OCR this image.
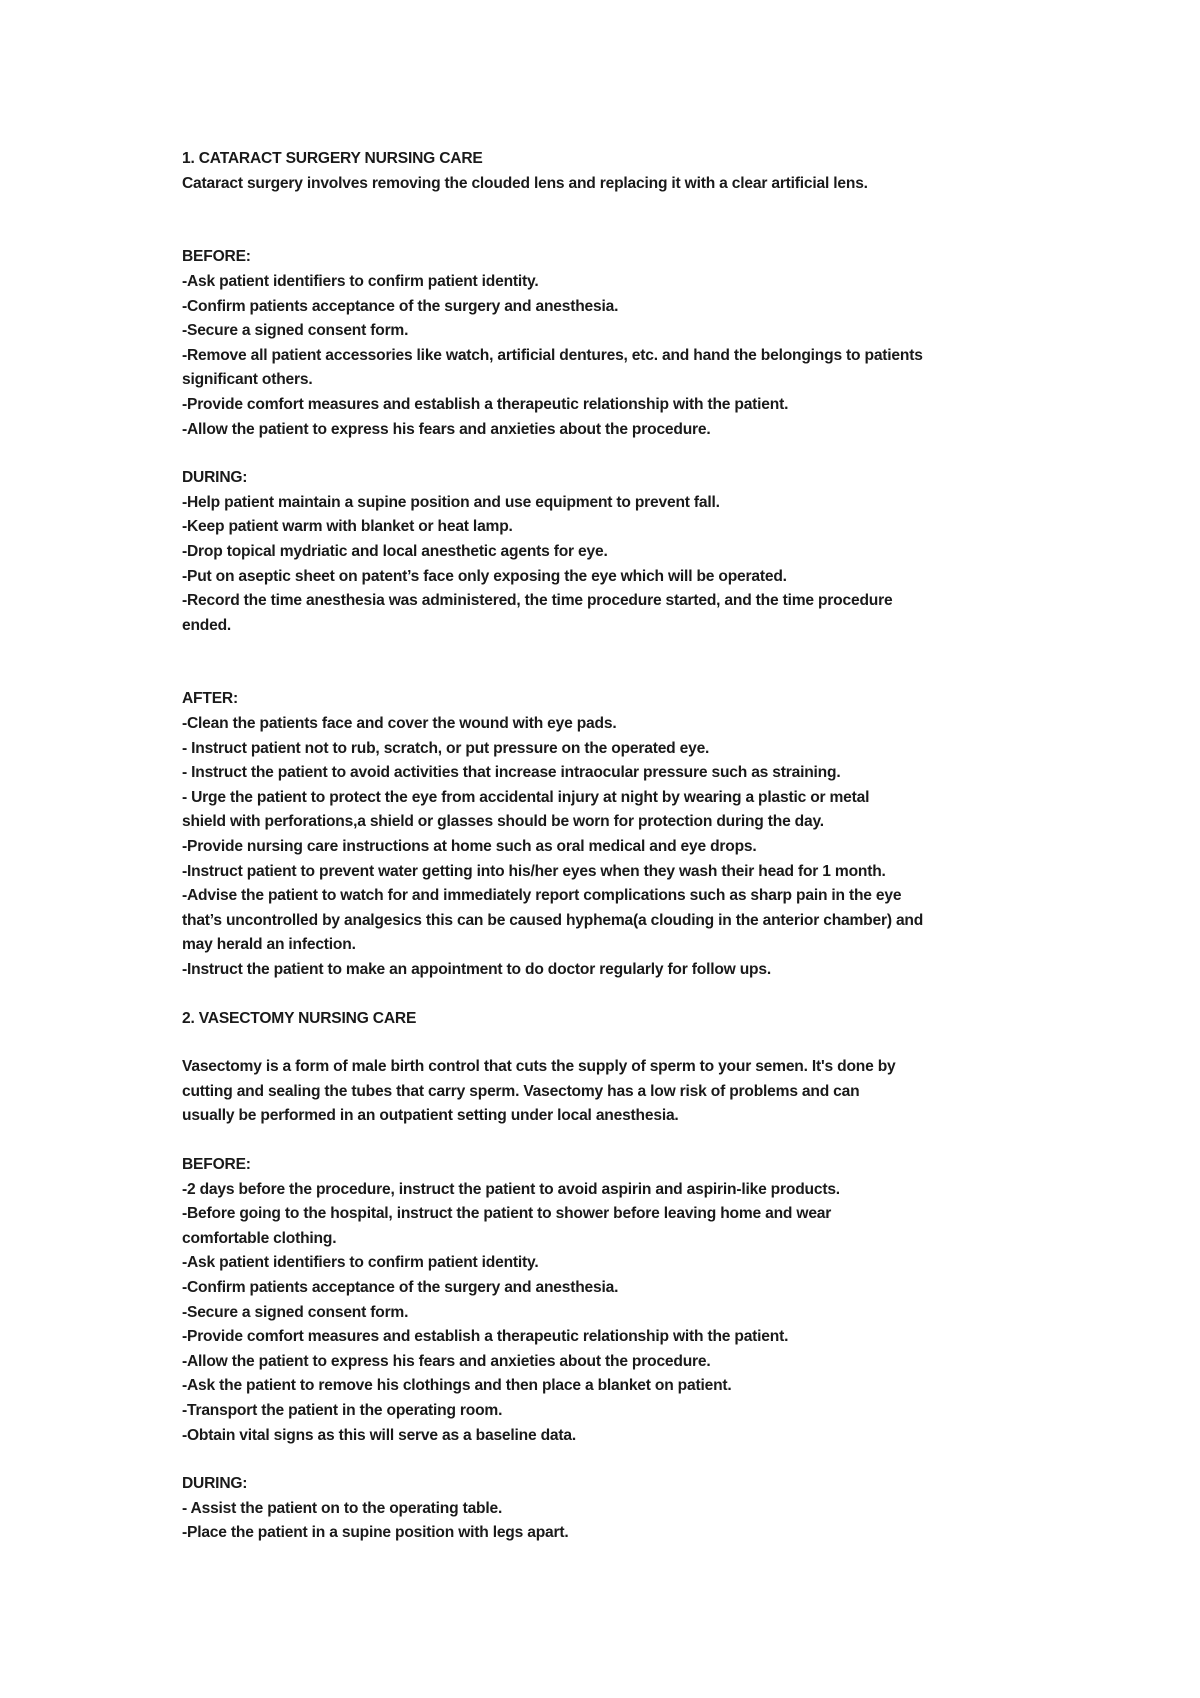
1. CATARACT SURGERY NURSING CARE
Cataract surgery involves removing the clouded lens and replacing it with a clear artificial lens.
BEFORE:
-Ask patient identifiers to confirm patient identity.
-Confirm patients acceptance of the surgery and anesthesia.
-Secure a signed consent form.
-Remove all patient accessories like watch, artificial dentures, etc. and hand the belongings to patients
significant others.
-Provide comfort measures and establish a therapeutic relationship with the patient.
-Allow the patient to express his fears and anxieties about the procedure.
DURING:
-Help patient maintain a supine position and use equipment to prevent fall.
-Keep patient warm with blanket or heat lamp.
-Drop topical mydriatic and local anesthetic agents for eye.
-Put on aseptic sheet on patent’s face only exposing the eye which will be operated.
-Record the time anesthesia was administered, the time procedure started, and the time procedure
ended.
AFTER:
-Clean the patients face and cover the wound with eye pads.
- Instruct patient not to rub, scratch, or put pressure on the operated eye.
- Instruct the patient to avoid activities that increase intraocular pressure such as straining.
- Urge the patient to protect the eye from accidental injury at night by wearing a plastic or metal
shield with perforations,a shield or glasses should be worn for protection during the day.
-Provide nursing care instructions at home such as oral medical and eye drops.
-Instruct patient to prevent water getting into his/her eyes when they wash their head for 1 month.
-Advise the patient to watch for and immediately report complications such as sharp pain in the eye
that’s uncontrolled by analgesics this can be caused hyphema(a clouding in the anterior chamber) and
may herald an infection.
-Instruct the patient to make an appointment to do doctor regularly for follow ups.
2. VASECTOMY NURSING CARE
Vasectomy is a form of male birth control that cuts the supply of sperm to your semen. It's done by
cutting and sealing the tubes that carry sperm. Vasectomy has a low risk of problems and can
usually be performed in an outpatient setting under local anesthesia.
BEFORE:
-2 days before the procedure, instruct the patient to avoid aspirin and aspirin-like products.
-Before going to the hospital, instruct the patient to shower before leaving home and wear
comfortable clothing.
-Ask patient identifiers to confirm patient identity.
-Confirm patients acceptance of the surgery and anesthesia.
-Secure a signed consent form.
-Provide comfort measures and establish a therapeutic relationship with the patient.
-Allow the patient to express his fears and anxieties about the procedure.
-Ask the patient to remove his clothings and then place a blanket on patient.
-Transport the patient in the operating room.
-Obtain vital signs as this will serve as a baseline data.
DURING:
- Assist the patient on to the operating table.
-Place the patient in a supine position with legs apart.
